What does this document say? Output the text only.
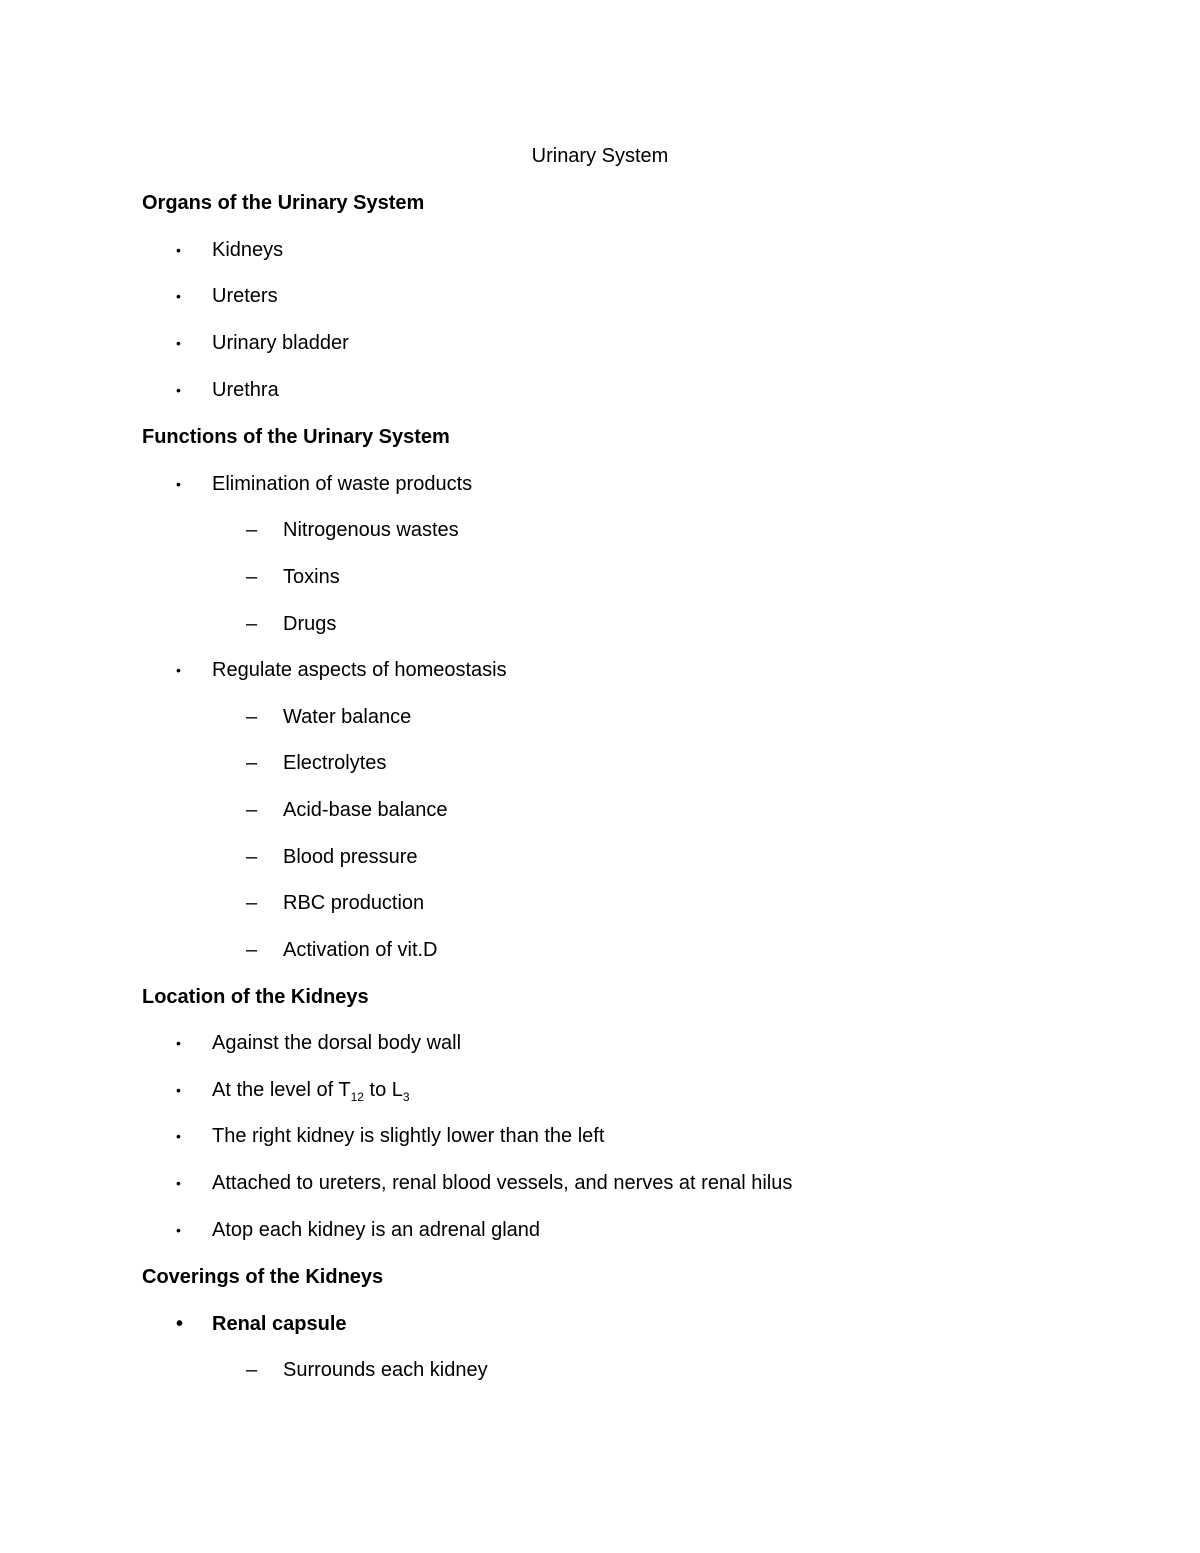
Urinary System
Organs of the Urinary System
• Kidneys
• Ureters
• Urinary bladder
• Urethra
Functions of the Urinary System
• Elimination of waste products
– Nitrogenous wastes
– Toxins
– Drugs
• Regulate aspects of homeostasis
– Water balance
– Electrolytes
– Acid-base balance
– Blood pressure
– RBC production
– Activation of vit.D
Location of the Kidneys
• Against the dorsal body wall
• At the level of $T_{12}$ to $L_3$
• The right kidney is slightly lower than the left
• Attached to ureters, renal blood vessels, and nerves at renal hilus
• Atop each kidney is an adrenal gland
Coverings of the Kidneys
• Renal capsule
– Surrounds each kidney
